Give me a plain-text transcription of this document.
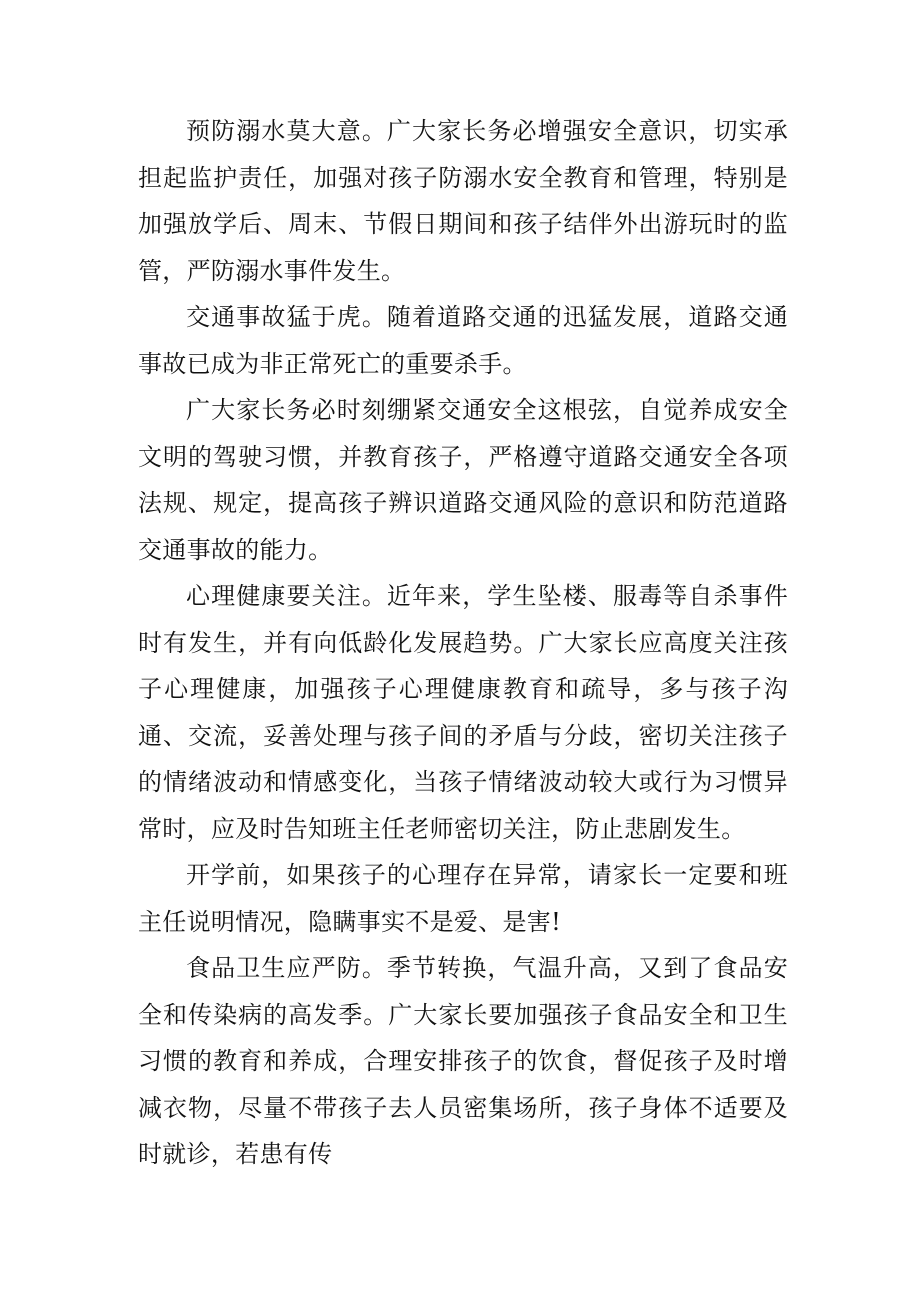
预防溺水莫大意。广大家长务必增强安全意识，切实承担起监护责任，加强对孩子防溺水安全教育和管理，特别是加强放学后、周末、节假日期间和孩子结伴外出游玩时的监管，严防溺水事件发生。

交通事故猛于虎。随着道路交通的迅猛发展，道路交通事故已成为非正常死亡的重要杀手。

广大家长务必时刻绷紧交通安全这根弦，自觉养成安全文明的驾驶习惯，并教育孩子，严格遵守道路交通安全各项法规、规定，提高孩子辨识道路交通风险的意识和防范道路交通事故的能力。

心理健康要关注。近年来，学生坠楼、服毒等自杀事件时有发生，并有向低龄化发展趋势。广大家长应高度关注孩子心理健康，加强孩子心理健康教育和疏导，多与孩子沟通、交流，妥善处理与孩子间的矛盾与分歧，密切关注孩子的情绪波动和情感变化，当孩子情绪波动较大或行为习惯异常时，应及时告知班主任老师密切关注，防止悲剧发生。

开学前，如果孩子的心理存在异常，请家长一定要和班主任说明情况，隐瞒事实不是爱、是害!

食品卫生应严防。季节转换，气温升高，又到了食品安全和传染病的高发季。广大家长要加强孩子食品安全和卫生习惯的教育和养成，合理安排孩子的饮食，督促孩子及时增减衣物，尽量不带孩子去人员密集场所，孩子身体不适要及时就诊，若患有传
